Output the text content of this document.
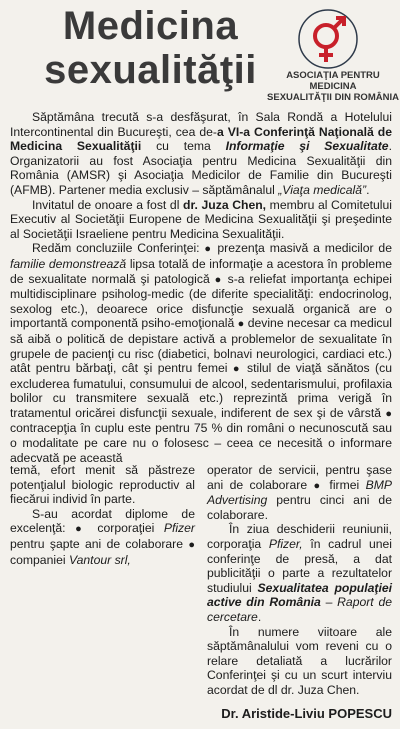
Medicina
sexualităţii	ASOCIAŢIA PENTRU MEDICINA
SEXUALITĂŢII DIN ROMÂNIA

Săptămâna trecută s-a desfăşurat, în Sala Rondă a Hotelului Intercontinental din Bucureşti, cea de-a VI-a Conferinţă Naţională de Medicina Sexualităţii cu tema Informaţie şi Sexualitate. Organizatorii au fost Asociaţia pentru Medicina Sexualităţii din România (AMSR) şi Asociaţia Medicilor de Familie din Bucureşti (AFMB). Partener media exclusiv – săptămânalul „Viaţa medicală”.

Invitatul de onoare a fost dl dr. Juza Chen, membru al Comitetului Executiv al Societăţii Europene de Medicina Sexualităţii şi preşedinte al Societăţii Israeliene pentru Medicina Sexualităţii.

Redăm concluziile Conferinţei: ● prezenţa masivă a medicilor de familie demonstrează lipsa totală de informaţie a acestora în probleme de sexualitate normală şi patologică ● s-a reliefat importanţa echipei multidisciplinare psiholog-medic (de diferite specialităţi: endocrinolog, sexolog etc.), deoarece orice disfuncţie sexuală organică are o importantă componentă psiho-emoţională ● devine necesar ca medicul să aibă o politică de depistare activă a problemelor de sexualitate în grupele de pacienţi cu risc (diabetici, bolnavi neurologici, cardiaci etc.) atât pentru bărbaţi, cât şi pentru femei ● stilul de viaţă sănătos (cu excluderea fumatului, consumului de alcool, sedentarismului, profilaxia bolilor cu transmitere sexuală etc.) reprezintă prima verigă în tratamentul oricărei disfuncţii sexuale, indiferent de sex şi de vârstă ● contracepţia în cuplu este pentru 75 % din români o necunoscută sau o modalitate pe care nu o folosesc – ceea ce necesită o informare adecvată pe această

temă, efort menit să păstreze potenţialul biologic reproductiv al fiecărui individ în parte.

S-au acordat diplome de excelenţă: ● corporaţiei Pfizer pentru şapte ani de colaborare ● companiei Vantour srl,

operator de servicii, pentru şase ani de colaborare ● firmei BMP Advertising pentru cinci ani de colaborare.

În ziua deschiderii reuniunii, corporaţia Pfizer, în cadrul unei conferinţe de presă, a dat publicităţii o parte a rezultatelor studiului Sexualitatea populaţiei active din România – Raport de cercetare.

În numere viitoare ale săptămânalului vom reveni cu o relare detaliată a lucrărilor Conferinţei şi cu un scurt interviu acordat de dl dr. Juza Chen.

Dr. Aristide-Liviu POPESCU
